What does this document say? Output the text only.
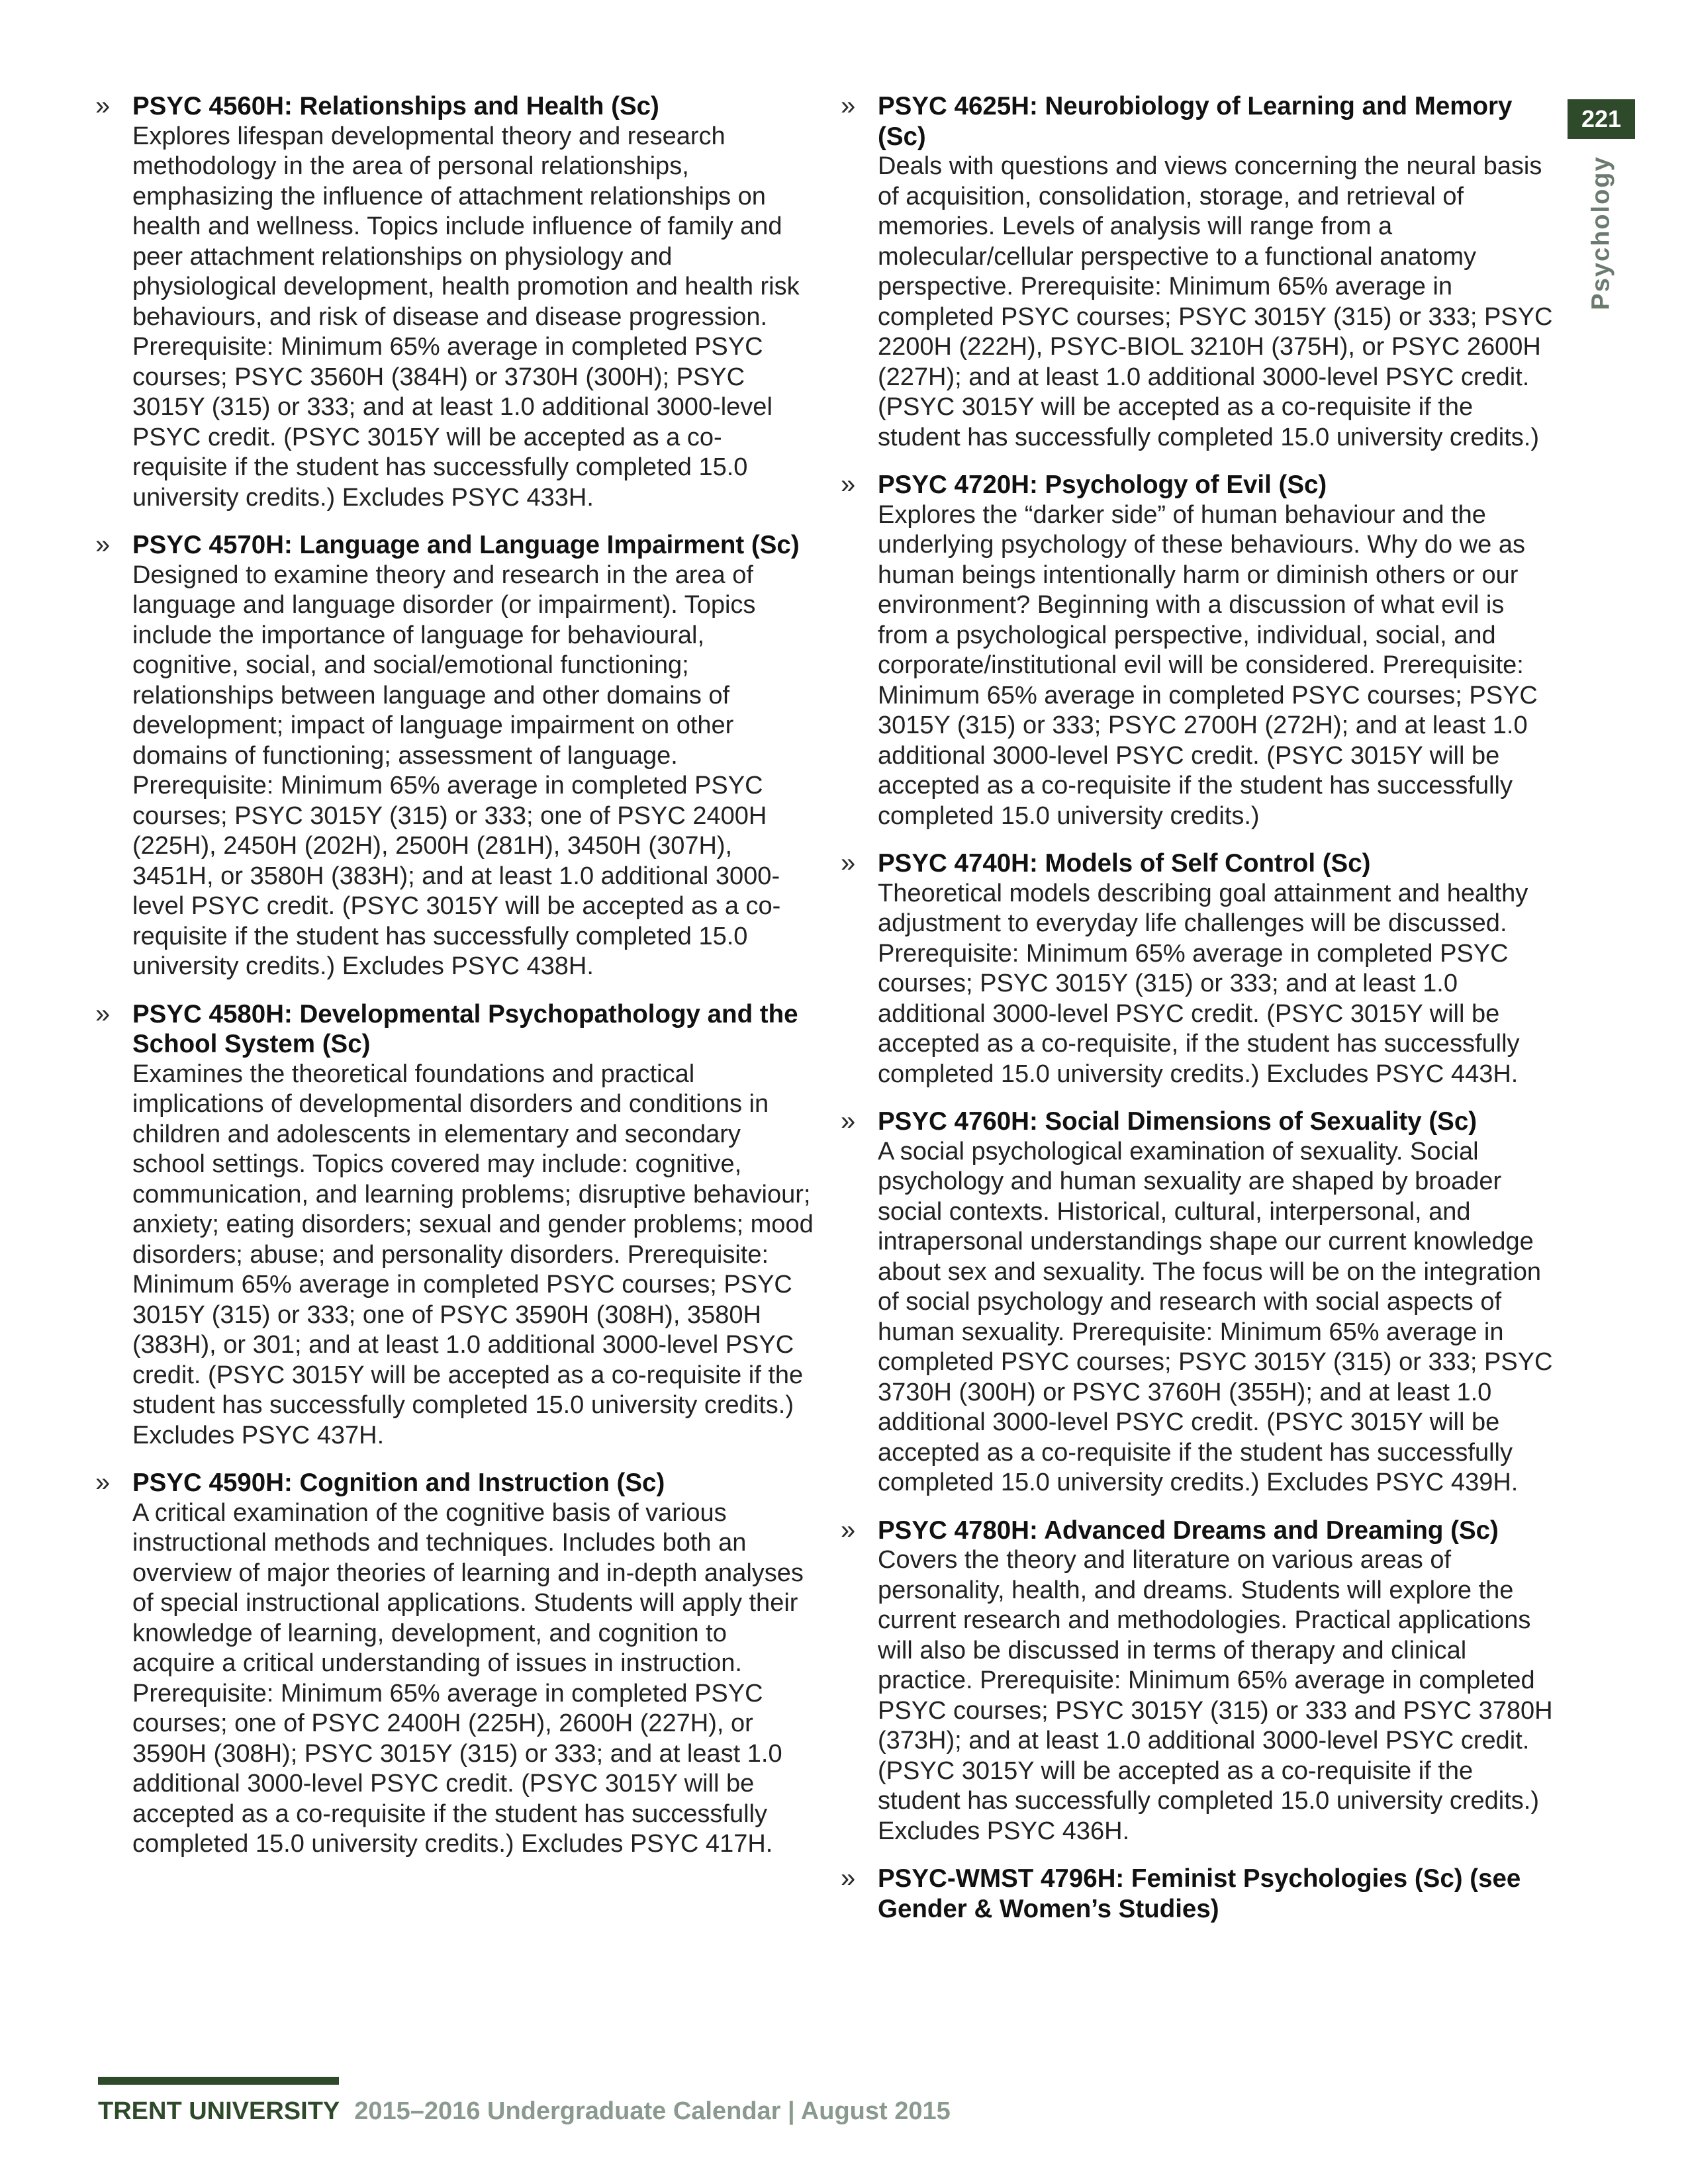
221
Psychology
» PSYC 4560H: Relationships and Health (Sc)
Explores lifespan developmental theory and research methodology in the area of personal relationships, emphasizing the influence of attachment relationships on health and wellness. Topics include influence of family and peer attachment relationships on physiology and physiological development, health promotion and health risk behaviours, and risk of disease and disease progression. Prerequisite: Minimum 65% average in completed PSYC courses; PSYC 3560H (384H) or 3730H (300H); PSYC 3015Y (315) or 333; and at least 1.0 additional 3000-level PSYC credit. (PSYC 3015Y will be accepted as a co-requisite if the student has successfully completed 15.0 university credits.) Excludes PSYC 433H.
» PSYC 4570H: Language and Language Impairment (Sc)
Designed to examine theory and research in the area of language and language disorder (or impairment). Topics include the importance of language for behavioural, cognitive, social, and social/emotional functioning; relationships between language and other domains of development; impact of language impairment on other domains of functioning; assessment of language. Prerequisite: Minimum 65% average in completed PSYC courses; PSYC 3015Y (315) or 333; one of PSYC 2400H (225H), 2450H (202H), 2500H (281H), 3450H (307H), 3451H, or 3580H (383H); and at least 1.0 additional 3000-level PSYC credit. (PSYC 3015Y will be accepted as a co-requisite if the student has successfully completed 15.0 university credits.) Excludes PSYC 438H.
» PSYC 4580H: Developmental Psychopathology and the School System (Sc)
Examines the theoretical foundations and practical implications of developmental disorders and conditions in children and adolescents in elementary and secondary school settings. Topics covered may include: cognitive, communication, and learning problems; disruptive behaviour; anxiety; eating disorders; sexual and gender problems; mood disorders; abuse; and personality disorders. Prerequisite: Minimum 65% average in completed PSYC courses; PSYC 3015Y (315) or 333; one of PSYC 3590H (308H), 3580H (383H), or 301; and at least 1.0 additional 3000-level PSYC credit. (PSYC 3015Y will be accepted as a co-requisite if the student has successfully completed 15.0 university credits.) Excludes PSYC 437H.
» PSYC 4590H: Cognition and Instruction (Sc)
A critical examination of the cognitive basis of various instructional methods and techniques. Includes both an overview of major theories of learning and in-depth analyses of special instructional applications. Students will apply their knowledge of learning, development, and cognition to acquire a critical understanding of issues in instruction. Prerequisite: Minimum 65% average in completed PSYC courses; one of PSYC 2400H (225H), 2600H (227H), or 3590H (308H); PSYC 3015Y (315) or 333; and at least 1.0 additional 3000-level PSYC credit. (PSYC 3015Y will be accepted as a co-requisite if the student has successfully completed 15.0 university credits.) Excludes PSYC 417H.
» PSYC 4625H: Neurobiology of Learning and Memory (Sc)
Deals with questions and views concerning the neural basis of acquisition, consolidation, storage, and retrieval of memories. Levels of analysis will range from a molecular/cellular perspective to a functional anatomy perspective. Prerequisite: Minimum 65% average in completed PSYC courses; PSYC 3015Y (315) or 333; PSYC 2200H (222H), PSYC-BIOL 3210H (375H), or PSYC 2600H (227H); and at least 1.0 additional 3000-level PSYC credit. (PSYC 3015Y will be accepted as a co-requisite if the student has successfully completed 15.0 university credits.)
» PSYC 4720H: Psychology of Evil (Sc)
Explores the “darker side” of human behaviour and the underlying psychology of these behaviours. Why do we as human beings intentionally harm or diminish others or our environment? Beginning with a discussion of what evil is from a psychological perspective, individual, social, and corporate/institutional evil will be considered. Prerequisite: Minimum 65% average in completed PSYC courses; PSYC 3015Y (315) or 333; PSYC 2700H (272H); and at least 1.0 additional 3000-level PSYC credit. (PSYC 3015Y will be accepted as a co-requisite if the student has successfully completed 15.0 university credits.)
» PSYC 4740H: Models of Self Control (Sc)
Theoretical models describing goal attainment and healthy adjustment to everyday life challenges will be discussed. Prerequisite: Minimum 65% average in completed PSYC courses; PSYC 3015Y (315) or 333; and at least 1.0 additional 3000-level PSYC credit. (PSYC 3015Y will be accepted as a co-requisite, if the student has successfully completed 15.0 university credits.) Excludes PSYC 443H.
» PSYC 4760H: Social Dimensions of Sexuality (Sc)
A social psychological examination of sexuality. Social psychology and human sexuality are shaped by broader social contexts. Historical, cultural, interpersonal, and intrapersonal understandings shape our current knowledge about sex and sexuality. The focus will be on the integration of social psychology and research with social aspects of human sexuality. Prerequisite: Minimum 65% average in completed PSYC courses; PSYC 3015Y (315) or 333; PSYC 3730H (300H) or PSYC 3760H (355H); and at least 1.0 additional 3000-level PSYC credit. (PSYC 3015Y will be accepted as a co-requisite if the student has successfully completed 15.0 university credits.) Excludes PSYC 439H.
» PSYC 4780H: Advanced Dreams and Dreaming (Sc)
Covers the theory and literature on various areas of personality, health, and dreams. Students will explore the current research and methodologies. Practical applications will also be discussed in terms of therapy and clinical practice. Prerequisite: Minimum 65% average in completed PSYC courses; PSYC 3015Y (315) or 333 and PSYC 3780H (373H); and at least 1.0 additional 3000-level PSYC credit. (PSYC 3015Y will be accepted as a co-requisite if the student has successfully completed 15.0 university credits.) Excludes PSYC 436H.
» PSYC-WMST 4796H: Feminist Psychologies (Sc) (see Gender & Women’s Studies)
TRENT UNIVERSITY 2015–2016 Undergraduate Calendar | August 2015
